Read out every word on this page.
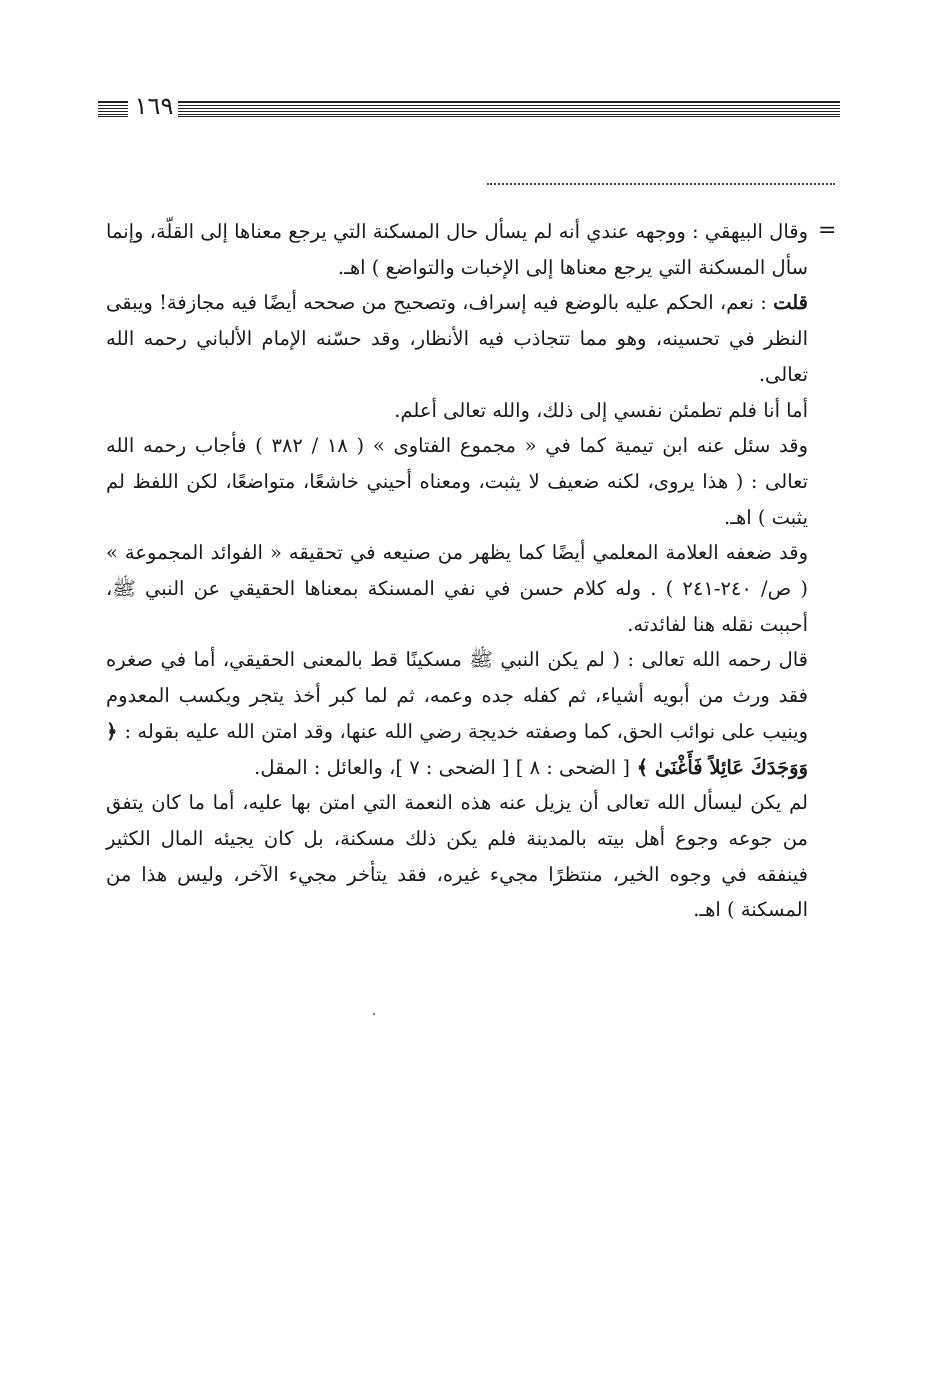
١٦٩
=

وقال البيهقي : ووجهه عندي أنه لم يسأل حال المسكنة التي يرجع معناها إلى القلّة، وإنما سأل المسكنة التي يرجع معناها إلى الإخبات والتواضع ) اهـ.

قلت : نعم، الحكم عليه بالوضع فيه إسراف، وتصحيح من صححه أيضًا فيه مجازفة! ويبقى النظر في تحسينه، وهو مما تتجاذب فيه الأنظار، وقد حسّنه الإمام الألباني رحمه الله تعالى.

أما أنا فلم تطمئن نفسي إلى ذلك، والله تعالى أعلم.

وقد سئل عنه ابن تيمية كما في « مجموع الفتاوى » ( ١٨ / ٣٨٢ ) فأجاب رحمه الله تعالى : ( هذا يروى، لكنه ضعيف لا يثبت، ومعناه أحيني خاشعًا، متواضعًا، لكن اللفظ لم يثبت ) اهـ.

وقد ضعفه العلامة المعلمي أيضًا كما يظهر من صنيعه في تحقيقه « الفوائد المجموعة » ( ص/ ٢٤٠-٢٤١ ) . وله كلام حسن في نفي المسنكة بمعناها الحقيقي عن النبي ﷺ، أحببت نقله هنا لفائدته.

قال رحمه الله تعالى : ( لم يكن النبي ﷺ مسكينًا قط بالمعنى الحقيقي، أما في صغره فقد ورث من أبويه أشياء، ثم كفله جده وعمه، ثم لما كبر أخذ يتجر ويكسب المعدوم وينيب على نوائب الحق، كما وصفته خديجة رضي الله عنها، وقد امتن الله عليه بقوله : ﴿ وَوَجَدَكَ عَائِلاً فَأَغْنَىٰ ﴾ [ الضحى : ٨ ] [ الضحى : ٧ ]، والعائل : المقل.

لم يكن ليسأل الله تعالى أن يزيل عنه هذه النعمة التي امتن بها عليه، أما ما كان يتفق من جوعه وجوع أهل بيته بالمدينة فلم يكن ذلك مسكنة، بل كان يجيئه المال الكثير فينفقه في وجوه الخير، منتظرًا مجيء غيره، فقد يتأخر مجيء الآخر، وليس هذا من المسكنة ) اهـ.
